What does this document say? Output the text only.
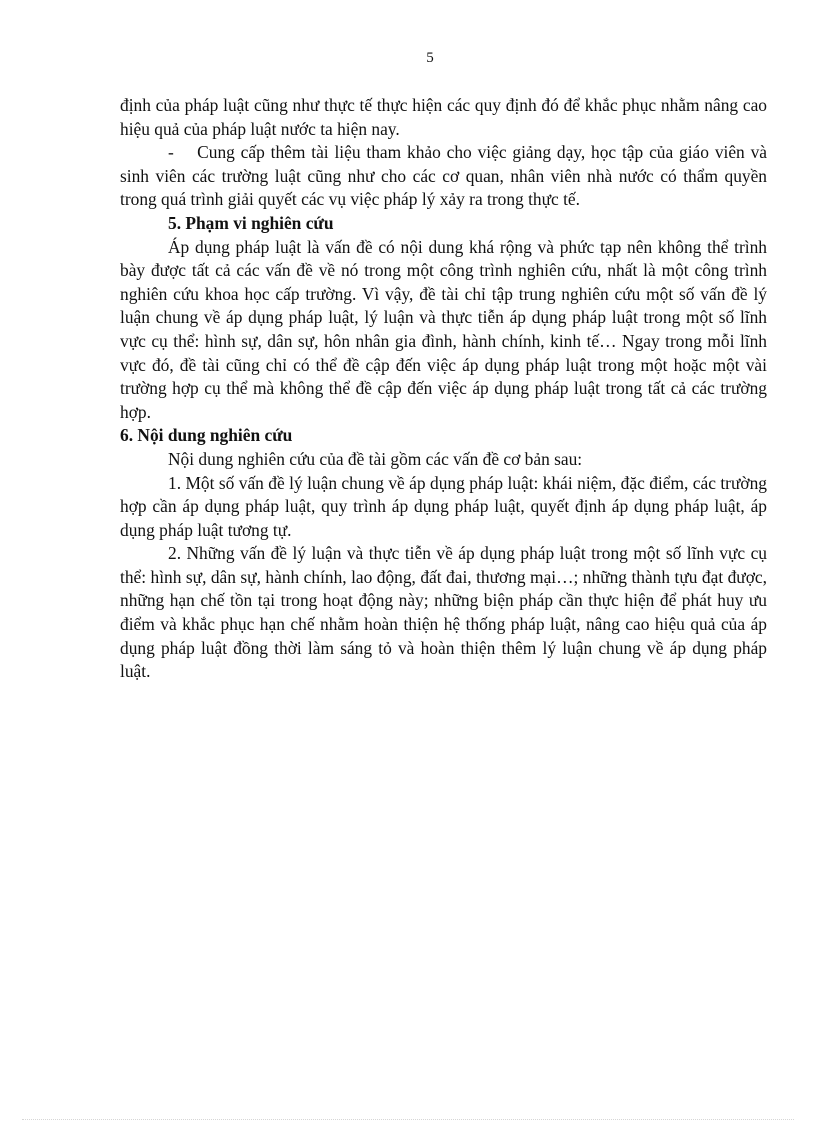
5

định của pháp luật cũng như thực tế thực hiện các quy định đó để khắc phục nhằm nâng cao hiệu quả của pháp luật nước ta hiện nay.

- Cung cấp thêm tài liệu tham khảo cho việc giảng dạy, học tập của giáo viên và sinh viên các trường luật cũng như cho các cơ quan, nhân viên nhà nước có thẩm quyền trong quá trình giải quyết các vụ việc pháp lý xảy ra trong thực tế.

5. Phạm vi nghiên cứu

Áp dụng pháp luật là vấn đề có nội dung khá rộng và phức tạp nên không thể trình bày được tất cả các vấn đề về nó trong một công trình nghiên cứu, nhất là một công trình nghiên cứu khoa học cấp trường. Vì vậy, đề tài chỉ tập trung nghiên cứu một số vấn đề lý luận chung về áp dụng pháp luật, lý luận và thực tiễn áp dụng pháp luật trong một số lĩnh vực cụ thể: hình sự, dân sự, hôn nhân gia đình, hành chính, kinh tế… Ngay trong mỗi lĩnh vực đó, đề tài cũng chỉ có thể đề cập đến việc áp dụng pháp luật trong một hoặc một vài trường hợp cụ thể mà không thể đề cập đến việc áp dụng pháp luật trong tất cả các trường hợp.

6. Nội dung nghiên cứu

Nội dung nghiên cứu của đề tài gồm các vấn đề cơ bản sau:

1. Một số vấn đề lý luận chung về áp dụng pháp luật: khái niệm, đặc điểm, các trường hợp cần áp dụng pháp luật, quy trình áp dụng pháp luật, quyết định áp dụng pháp luật, áp dụng pháp luật tương tự.

2. Những vấn đề lý luận và thực tiễn về áp dụng pháp luật trong một số lĩnh vực cụ thể: hình sự, dân sự, hành chính, lao động, đất đai, thương mại…; những thành tựu đạt được, những hạn chế tồn tại trong hoạt động này; những biện pháp cần thực hiện để phát huy ưu điểm và khắc phục hạn chế nhằm hoàn thiện hệ thống pháp luật, nâng cao hiệu quả của áp dụng pháp luật đồng thời làm sáng tỏ và hoàn thiện thêm lý luận chung về áp dụng pháp luật.
